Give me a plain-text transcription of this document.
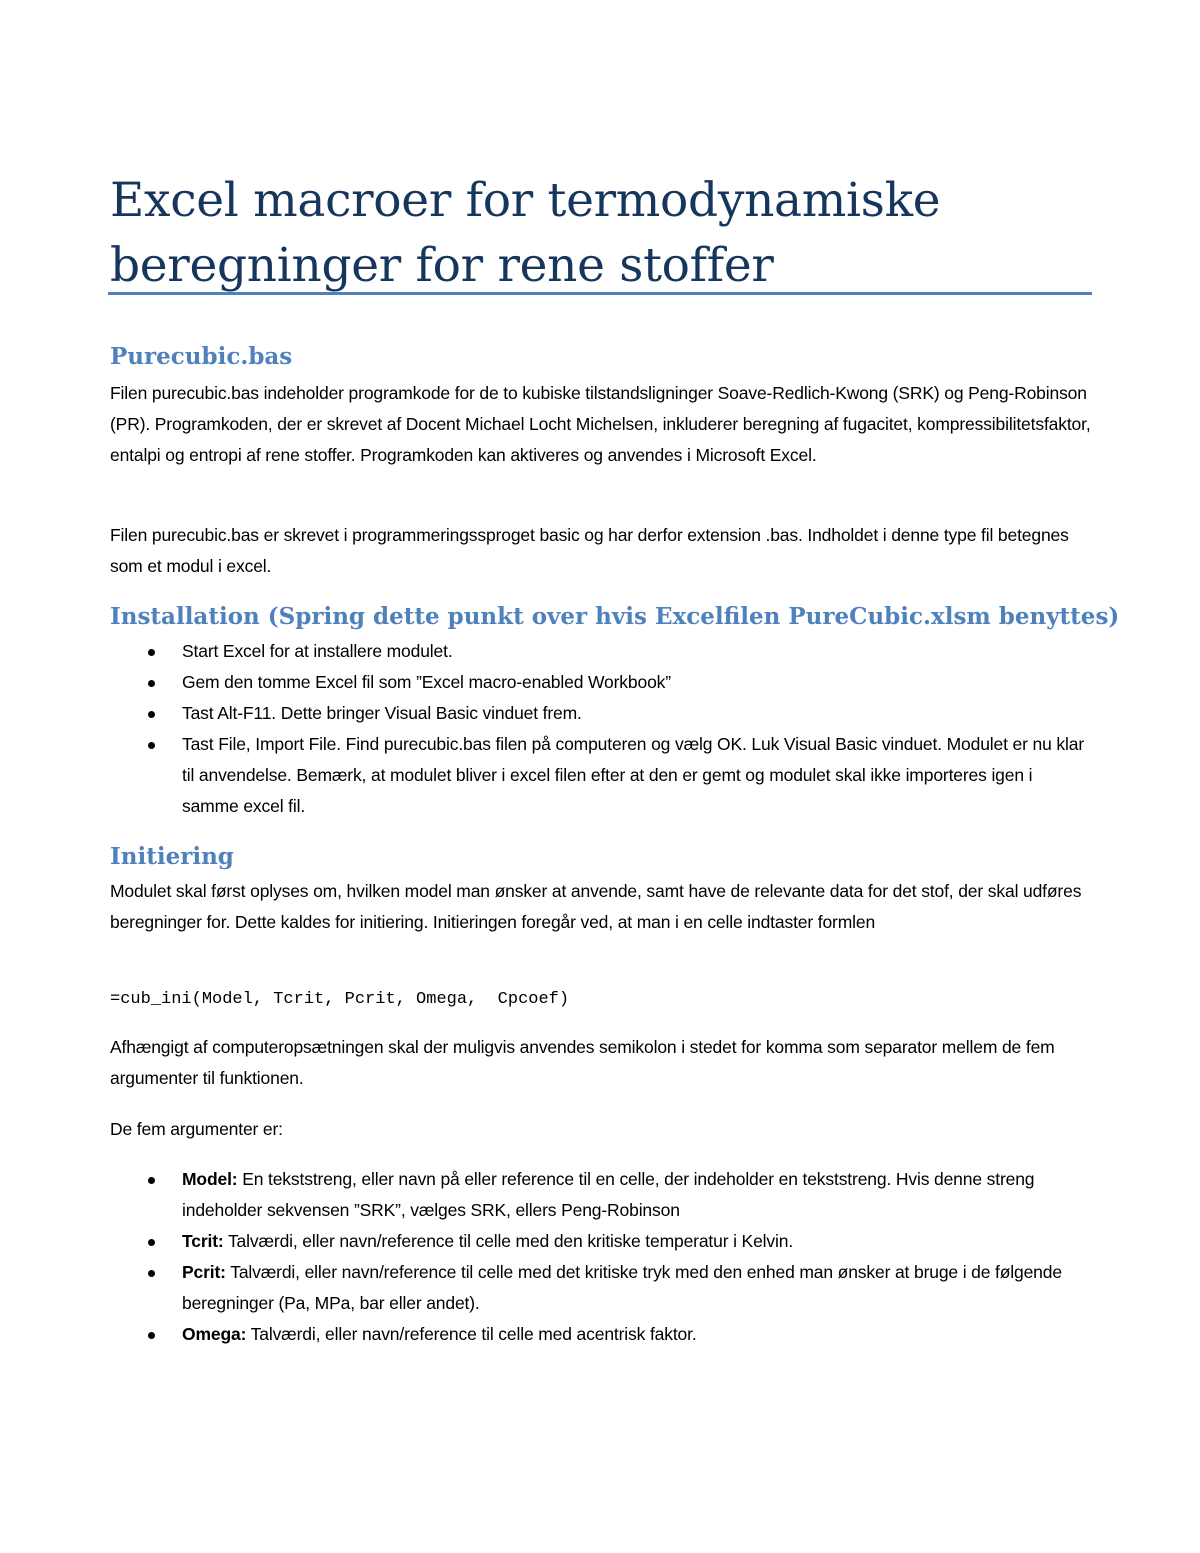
Excel macroer for termodynamiske beregninger for rene stoffer
Purecubic.bas

Filen purecubic.bas indeholder programkode for de to kubiske tilstandsligninger Soave-Redlich-Kwong (SRK) og Peng-Robinson (PR). Programkoden, der er skrevet af Docent Michael Locht Michelsen, inkluderer beregning af fugacitet, kompressibilitetsfaktor, entalpi og entropi af rene stoffer. Programkoden kan aktiveres og anvendes i Microsoft Excel.

Filen purecubic.bas er skrevet i programmeringssproget basic og har derfor extension .bas. Indholdet i denne type fil betegnes som et modul i excel.

Installation (Spring dette punkt over hvis Excelfilen PureCubic.xlsm benyttes)
Start Excel for at installere modulet.
Gem den tomme Excel fil som ”Excel macro-enabled Workbook”
Tast Alt-F11. Dette bringer Visual Basic vinduet frem.
Tast File, Import File. Find purecubic.bas filen på computeren og vælg OK. Luk Visual Basic vinduet. Modulet er nu klar til anvendelse. Bemærk, at modulet bliver i excel filen efter at den er gemt og modulet skal ikke importeres igen i samme excel fil.
Initiering

Modulet skal først oplyses om, hvilken model man ønsker at anvende, samt have de relevante data for det stof, der skal udføres beregninger for. Dette kaldes for initiering. Initieringen foregår ved, at man i en celle indtaster formlen

=cub_ini(Model, Tcrit, Pcrit, Omega,  Cpcoef)

Afhængigt af computeropsætningen skal der muligvis anvendes semikolon i stedet for komma som separator mellem de fem argumenter til funktionen.

De fem argumenter er:

Model: En tekststreng, eller navn på eller reference til en celle, der indeholder en tekststreng. Hvis denne streng indeholder sekvensen ”SRK”, vælges SRK, ellers Peng-Robinson
Tcrit: Talværdi, eller navn/reference til celle med den kritiske temperatur i Kelvin.
Pcrit: Talværdi, eller navn/reference til celle med det kritiske tryk med den enhed man ønsker at bruge i de følgende beregninger (Pa, MPa, bar eller andet).
Omega: Talværdi, eller navn/reference til celle med acentrisk faktor.
